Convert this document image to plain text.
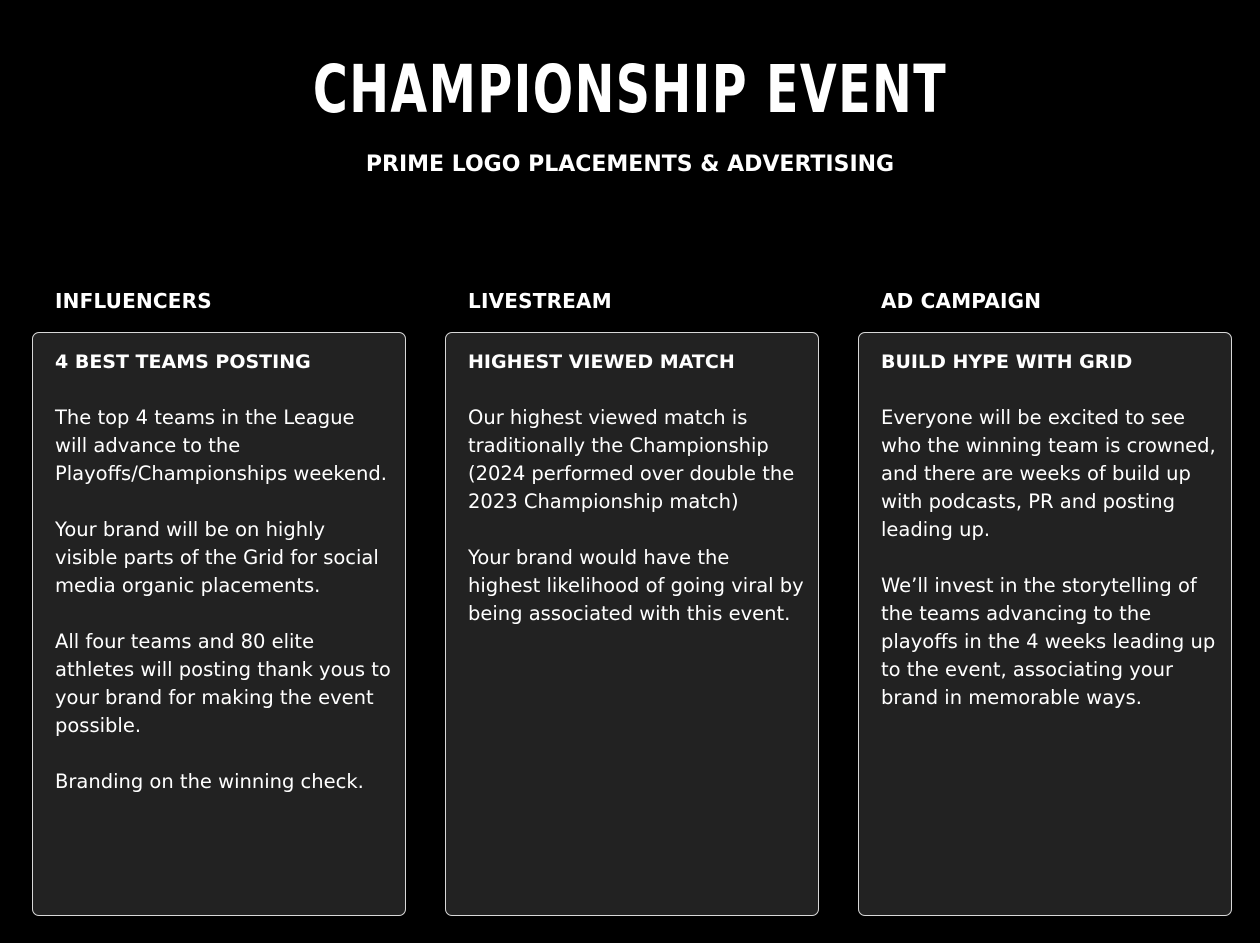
CHAMPIONSHIP EVENT
PRIME LOGO PLACEMENTS & ADVERTISING
INFLUENCERS
4 BEST TEAMS POSTING

The top 4 teams in the League will advance to the Playoffs/Championships weekend.

Your brand will be on highly visible parts of the Grid for social media organic placements.

All four teams and 80 elite athletes will posting thank yous to your brand for making the event possible.

Branding on the winning check.

LIVESTREAM
HIGHEST VIEWED MATCH

Our highest viewed match is traditionally the Championship (2024 performed over double the 2023 Championship match)

Your brand would have the highest likelihood of going viral by being associated with this event.

AD CAMPAIGN
BUILD HYPE WITH GRID

Everyone will be excited to see who the winning team is crowned, and there are weeks of build up with podcasts, PR and posting leading up.

We’ll invest in the storytelling of the teams advancing to the playoffs in the 4 weeks leading up to the event, associating your brand in memorable ways.
